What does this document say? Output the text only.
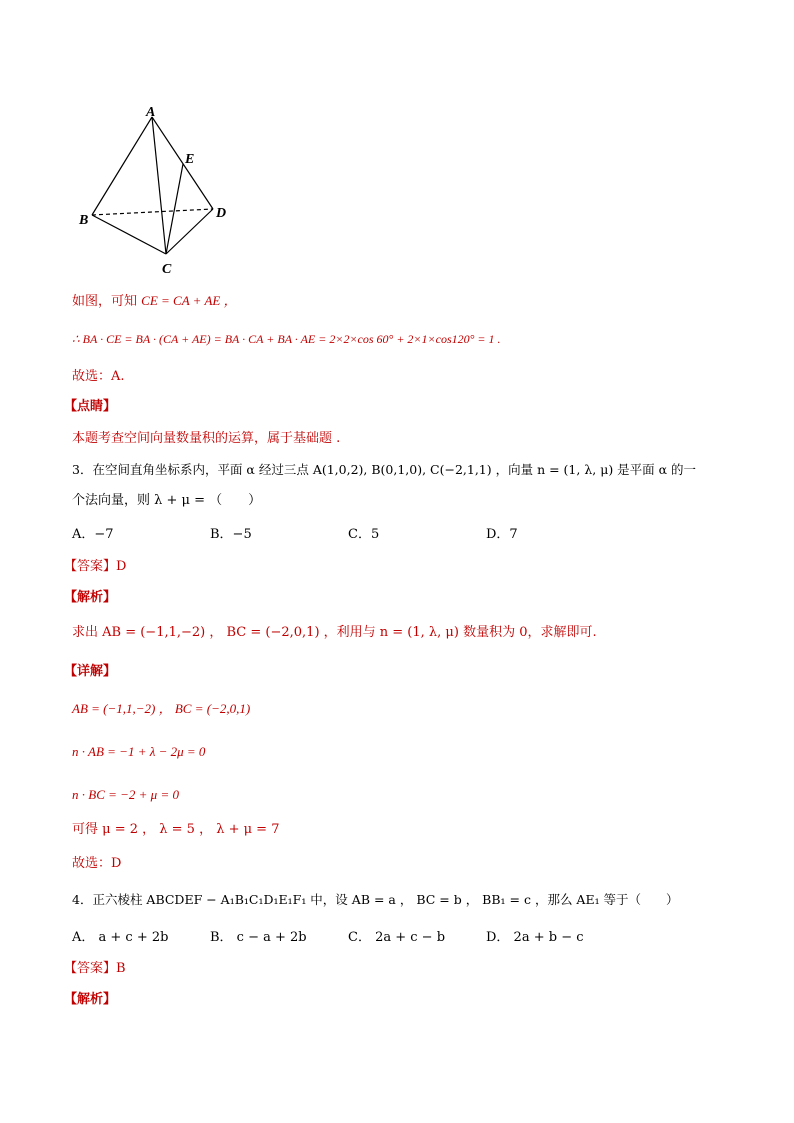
A
E
B	D
C
如图，可知 CE = CA + AE ，
∴ BA · CE = BA · (CA + AE) = BA · CA + BA · AE = 2×2×cos 60° + 2×1×cos120° = 1 .
故选：A.
【点睛】
本题考查空间向量数量积的运算，属于基础题 .
3．在空间直角坐标系内，平面 α 经过三点 A(1,0,2), B(0,1,0), C(−2,1,1) ，向量 n = (1, λ, μ) 是平面 α 的一
个法向量，则 λ + μ = （　　）
A．−7	B．−5	C．5	D．7
【答案】D
【解析】
求出 AB = (−1,1,−2) ， BC = (−2,0,1) ，利用与 n = (1, λ, μ) 数量积为 0，求解即可.
【详解】
AB = (−1,1,−2) ， BC = (−2,0,1)
n · AB = −1 + λ − 2μ = 0
n · BC = −2 + μ = 0
可得 μ = 2 ， λ = 5 ， λ + μ = 7
故选：D
4．正六棱柱 ABCDEF − A₁B₁C₁D₁E₁F₁ 中，设 AB = a ， BC = b ， BB₁ = c ，那么 AE₁ 等于（　　）
A． a + c + 2b	B． c − a + 2b	C． 2a + c − b	D． 2a + b − c
【答案】B
【解析】
